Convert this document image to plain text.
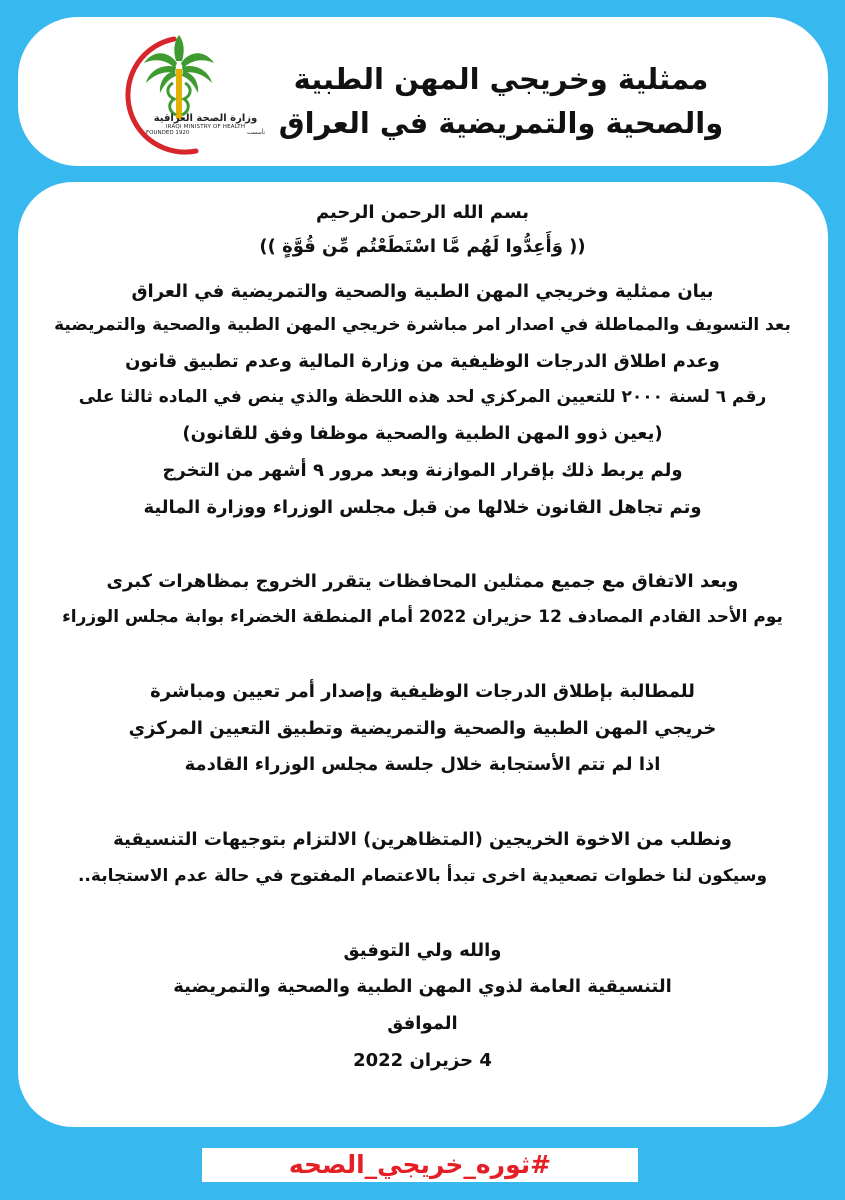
وزارة الصحة العراقية
IRAQI MINISTRY OF HEALTH
FOUNDED 1920	تأسست
ممثلية وخريجي المهن الطبية
والصحية والتمريضية في العراق
بسم الله الرحمن الرحيم
(( وَأَعِدُّوا لَهُم مَّا اسْتَطَعْتُم مِّن قُوَّةٍ ))
بيان ممثلية وخريجي المهن الطبية والصحية والتمريضية في العراق
بعد التسويف والمماطلة في اصدار امر مباشرة خريجي المهن الطبية والصحية والتمريضية
وعدم اطلاق الدرجات الوظيفية من وزارة المالية وعدم تطبيق قانون
رقم ٦ لسنة ٢٠٠٠ للتعيين المركزي لحد هذه اللحظة والذي ينص في الماده ثالثا على
(يعين ذوو المهن الطبية والصحية موظفا وفق للقانون)
ولم يربط ذلك بإقرار الموازنة وبعد مرور ٩ أشهر من التخرج
وتم تجاهل القانون خلالها من قبل مجلس الوزراء ووزارة المالية
وبعد الاتفاق مع جميع ممثلين المحافظات يتقرر الخروج بمظاهرات كبرى
يوم الأحد القادم المصادف 12 حزيران 2022 أمام المنطقة الخضراء بوابة مجلس الوزراء
للمطالبة بإطلاق الدرجات الوظيفية وإصدار أمر تعيين ومباشرة
خريجي المهن الطبية والصحية والتمريضية وتطبيق التعيين المركزي
اذا لم تتم الأستجابة خلال جلسة مجلس الوزراء القادمة
ونطلب من الاخوة الخريجين (المتظاهرين) الالتزام بتوجيهات التنسيقية
وسيكون لنا خطوات تصعيدية اخرى تبدأ بالاعتصام المفتوح في حالة عدم الاستجابة..
والله ولي التوفيق
التنسيقية العامة لذوي المهن الطبية والصحية والتمريضية
الموافق
4 حزيران 2022
#ثوره_خريجي_الصحه
